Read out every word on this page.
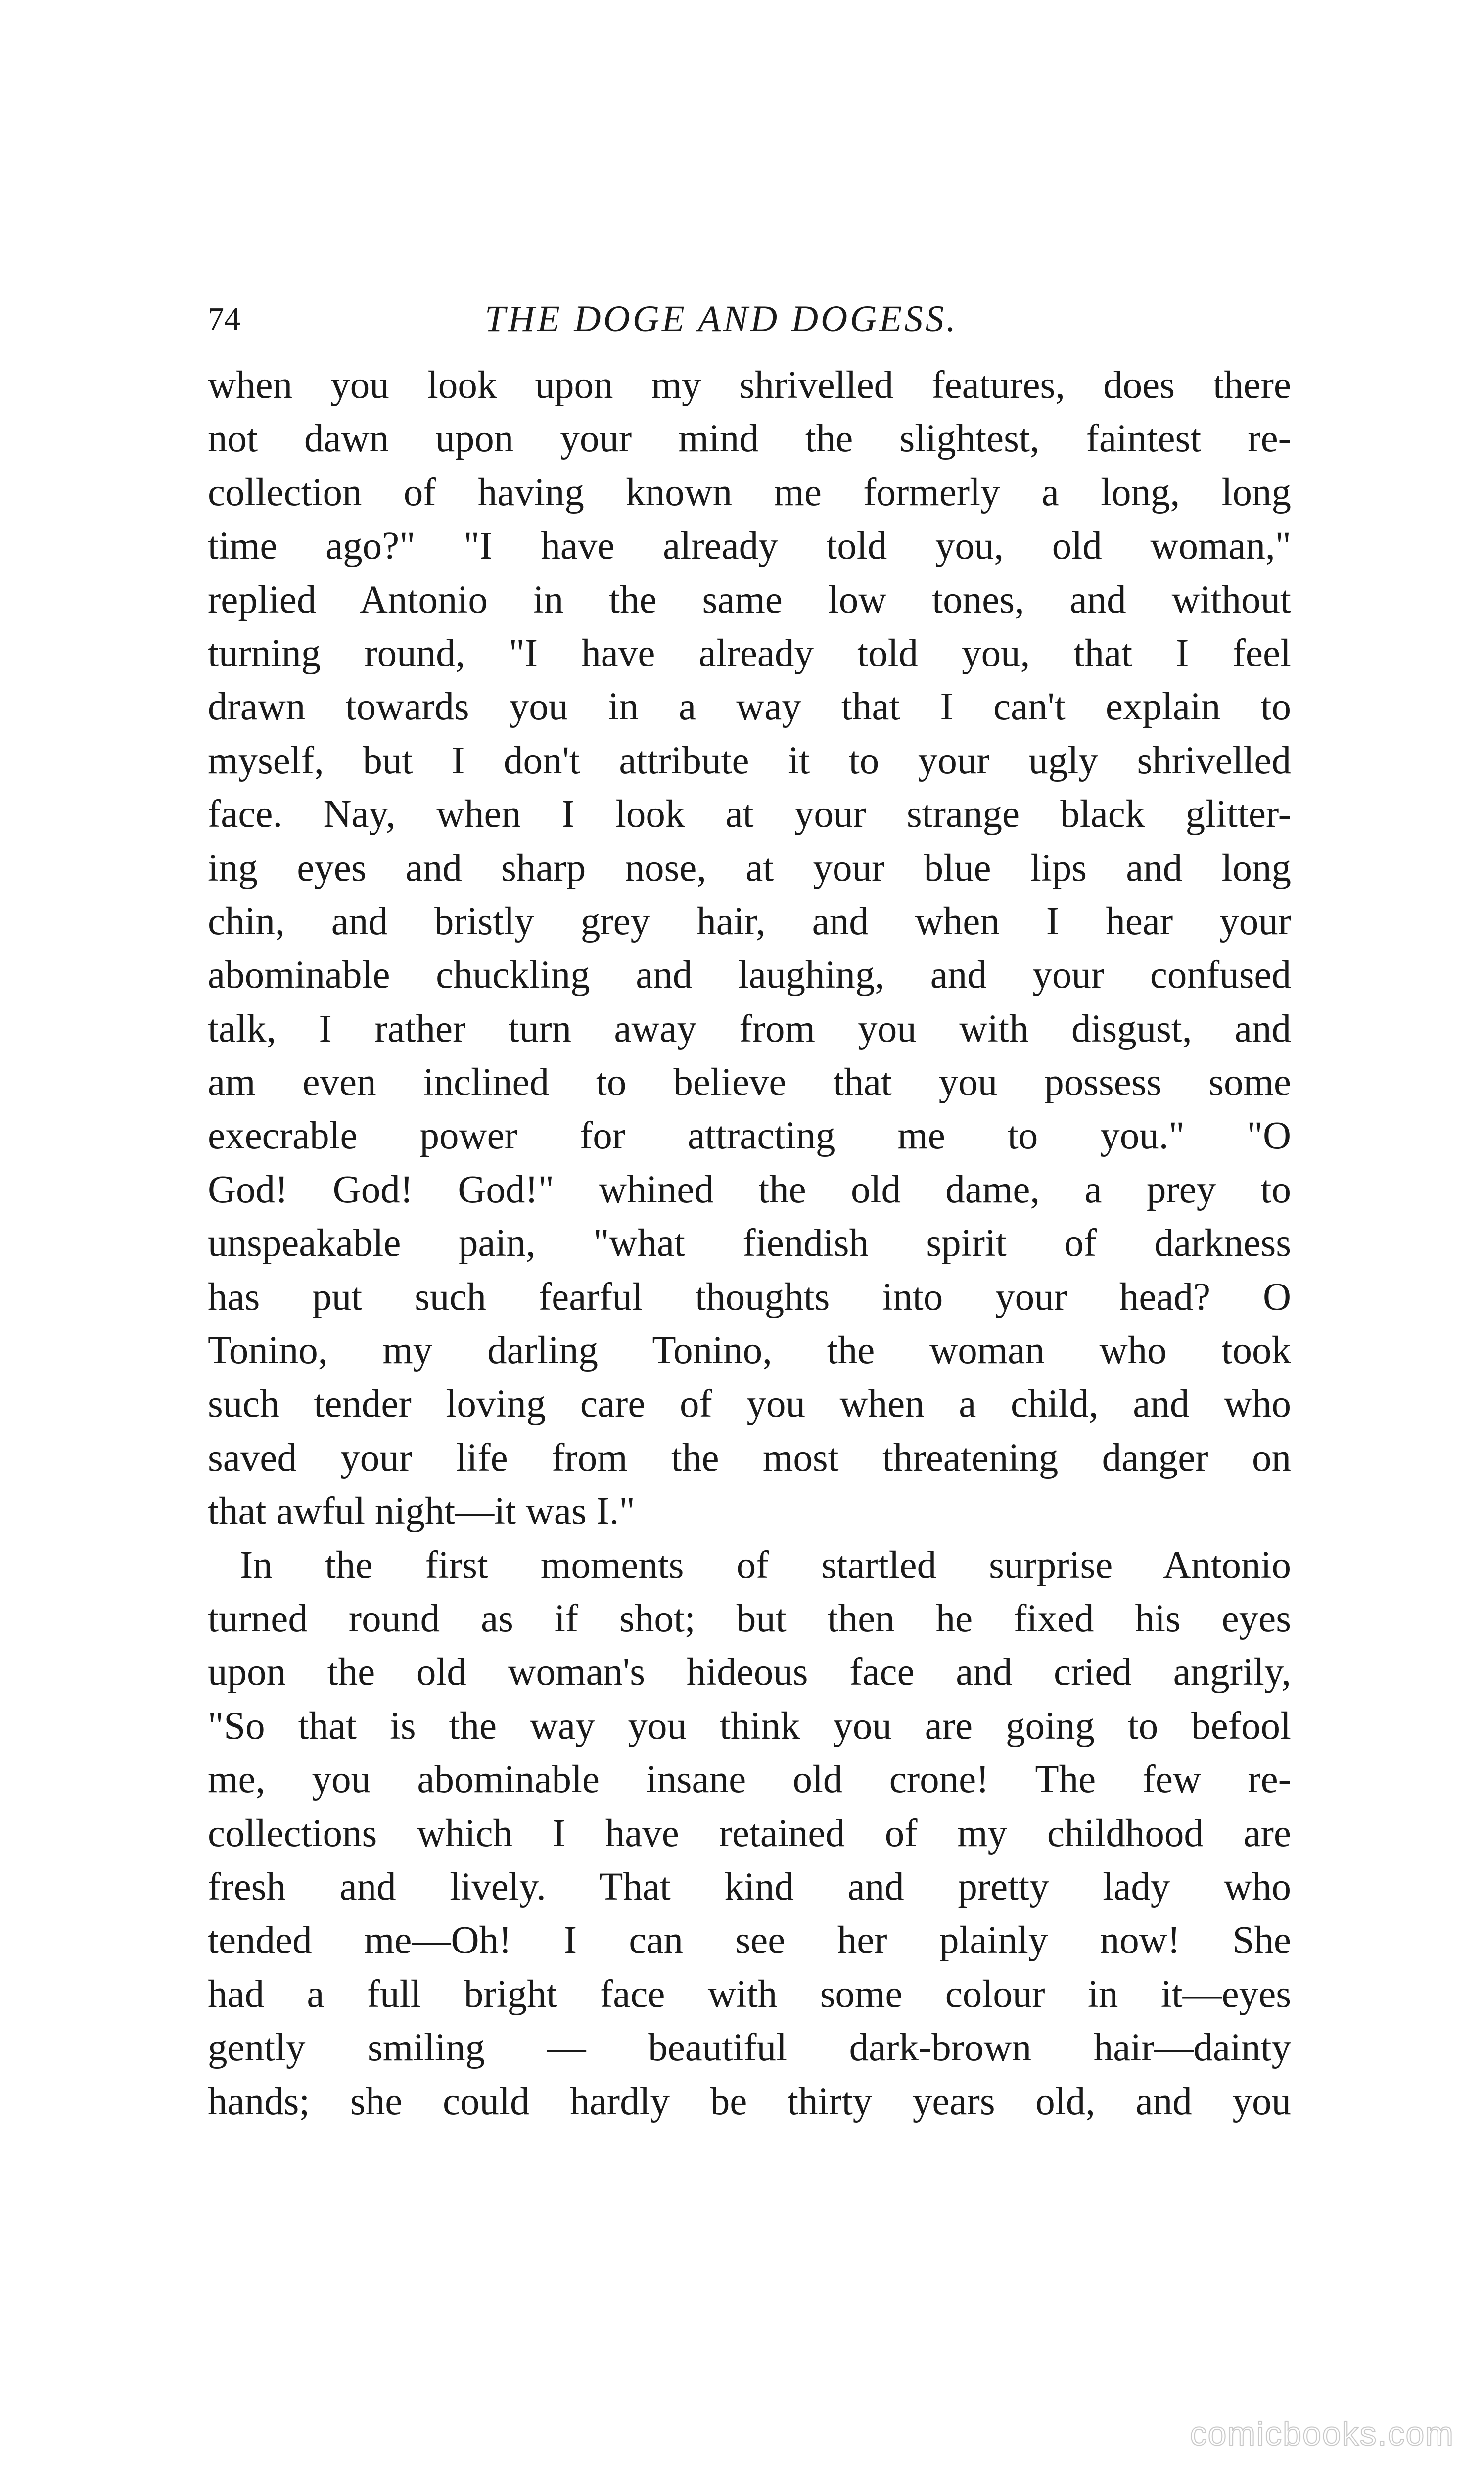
74	THE DOGE AND DOGESS.
when you look upon my shrivelled features, does there
not dawn upon your mind the slightest, faintest re-
collection of having known me formerly a long, long
time ago?" "I have already told you, old woman,"
replied Antonio in the same low tones, and without
turning round, "I have already told you, that I feel
drawn towards you in a way that I can't explain to
myself, but I don't attribute it to your ugly shrivelled
face. Nay, when I look at your strange black glitter-
ing eyes and sharp nose, at your blue lips and long
chin, and bristly grey hair, and when I hear your
abominable chuckling and laughing, and your confused
talk, I rather turn away from you with disgust, and
am even inclined to believe that you possess some
execrable power for attracting me to you." "O
God! God! God!" whined the old dame, a prey to
unspeakable pain, "what fiendish spirit of darkness
has put such fearful thoughts into your head? O
Tonino, my darling Tonino, the woman who took
such tender loving care of you when a child, and who
saved your life from the most threatening danger on
that awful night—it was I."
In the first moments of startled surprise Antonio
turned round as if shot; but then he fixed his eyes
upon the old woman's hideous face and cried angrily,
"So that is the way you think you are going to befool
me, you abominable insane old crone! The few re-
collections which I have retained of my childhood are
fresh and lively. That kind and pretty lady who
tended me—Oh! I can see her plainly now! She
had a full bright face with some colour in it—eyes
gently smiling — beautiful dark-brown hair—dainty
hands; she could hardly be thirty years old, and you
comicbooks.com
